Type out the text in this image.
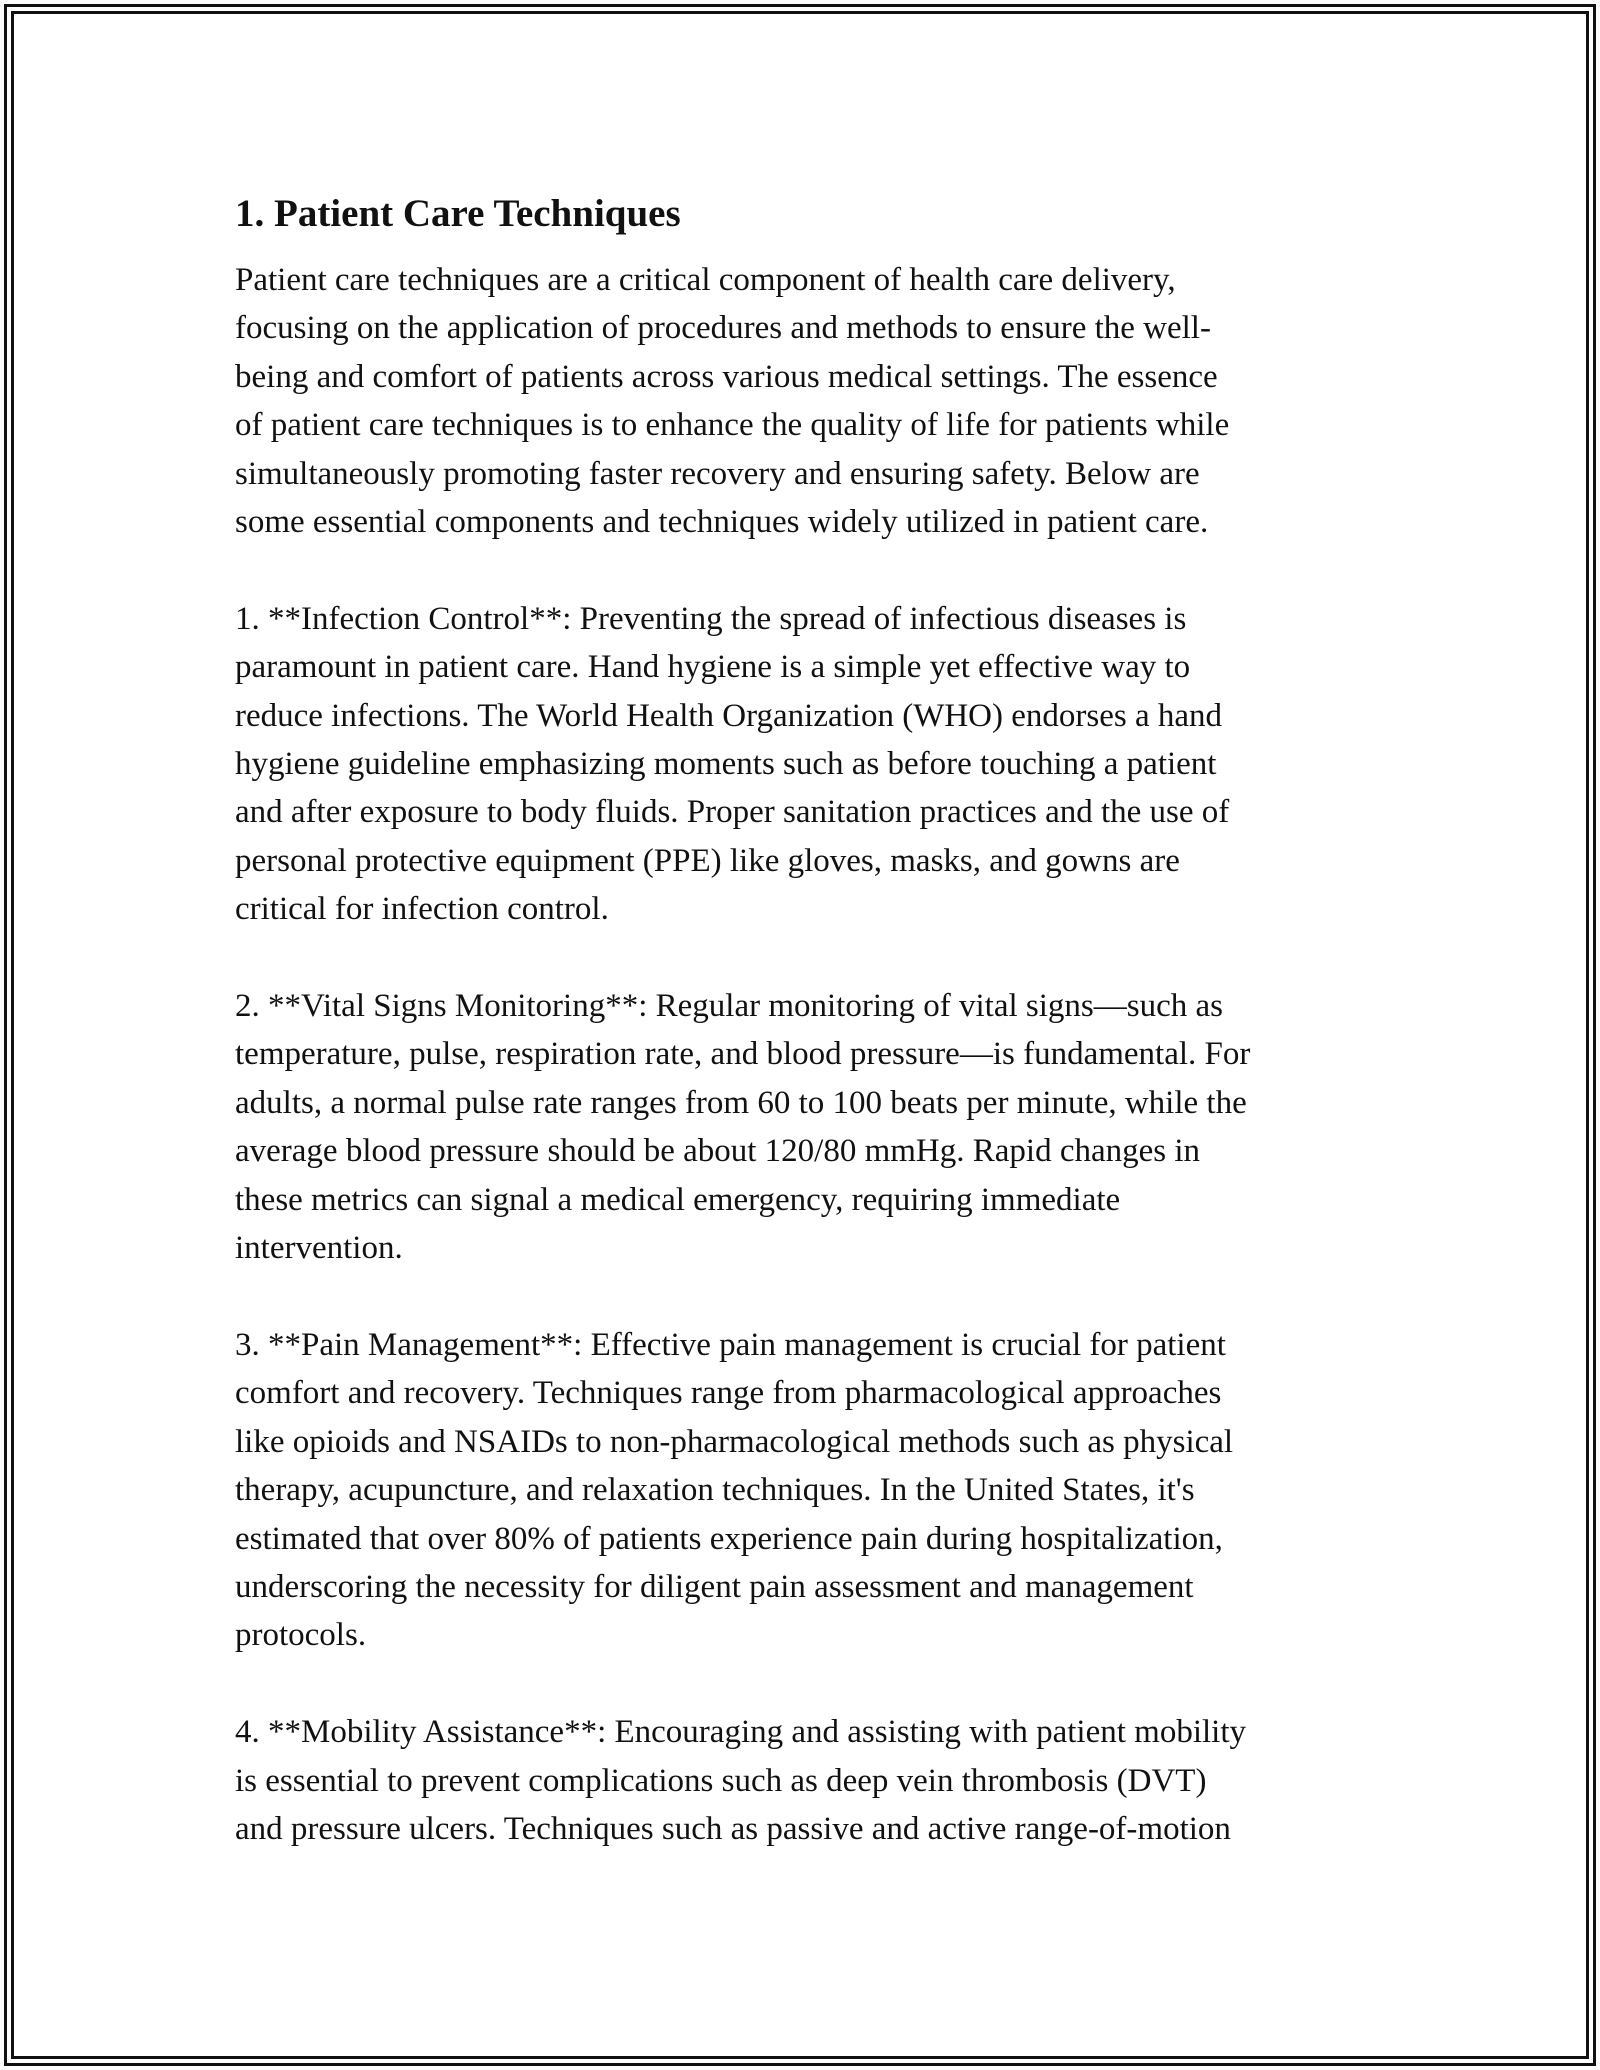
1. Patient Care Techniques

Patient care techniques are a critical component of health care delivery,
focusing on the application of procedures and methods to ensure the well-
being and comfort of patients across various medical settings. The essence
of patient care techniques is to enhance the quality of life for patients while
simultaneously promoting faster recovery and ensuring safety. Below are
some essential components and techniques widely utilized in patient care.

1. **Infection Control**: Preventing the spread of infectious diseases is
paramount in patient care. Hand hygiene is a simple yet effective way to
reduce infections. The World Health Organization (WHO) endorses a hand
hygiene guideline emphasizing moments such as before touching a patient
and after exposure to body fluids. Proper sanitation practices and the use of
personal protective equipment (PPE) like gloves, masks, and gowns are
critical for infection control.

2. **Vital Signs Monitoring**: Regular monitoring of vital signs—such as
temperature, pulse, respiration rate, and blood pressure—is fundamental. For
adults, a normal pulse rate ranges from 60 to 100 beats per minute, while the
average blood pressure should be about 120/80 mmHg. Rapid changes in
these metrics can signal a medical emergency, requiring immediate
intervention.

3. **Pain Management**: Effective pain management is crucial for patient
comfort and recovery. Techniques range from pharmacological approaches
like opioids and NSAIDs to non-pharmacological methods such as physical
therapy, acupuncture, and relaxation techniques. In the United States, it's
estimated that over 80% of patients experience pain during hospitalization,
underscoring the necessity for diligent pain assessment and management
protocols.

4. **Mobility Assistance**: Encouraging and assisting with patient mobility
is essential to prevent complications such as deep vein thrombosis (DVT)
and pressure ulcers. Techniques such as passive and active range-of-motion
